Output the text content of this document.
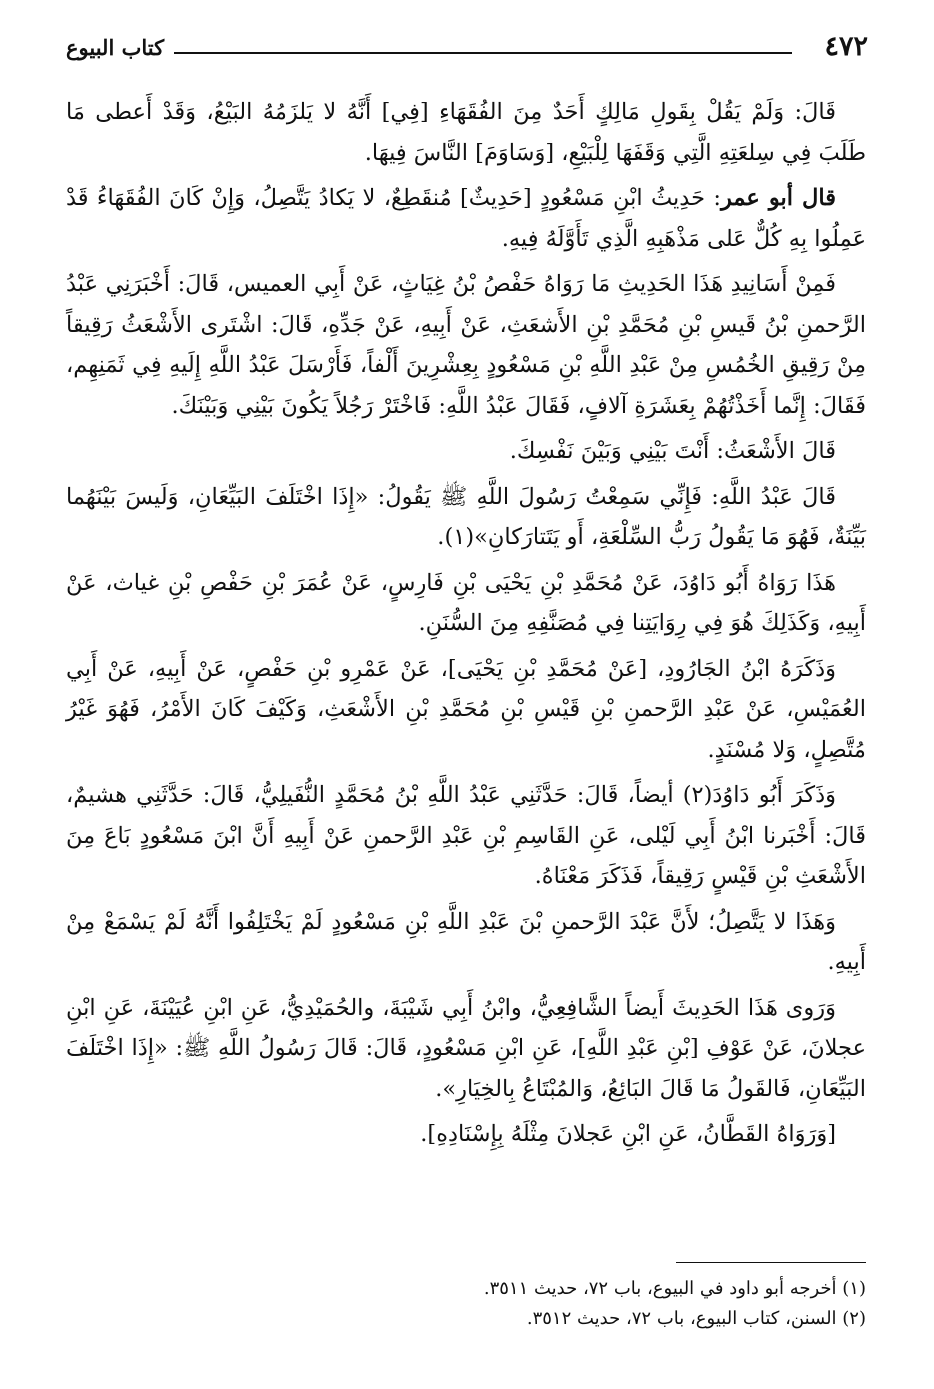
٤٧٢
كتاب البيوع

قَالَ: وَلَمْ يَقُلْ بِقَولِ مَالِكٍ أَحَدٌ مِنَ الفُقَهَاءِ [فِي] أَنَّهُ لا يَلزَمُهُ البَيْعُ، وَقَدْ أَعطى مَا طَلَبَ فِي سِلعَتِهِ الَّتِي وَقَفَهَا لِلْبَيْعِ، [وَسَاوَمَ] النَّاسَ فِيهَا.

قال أبو عمر: حَدِيثُ ابْنِ مَسْعُودٍ [حَدِيثٌ] مُنقَطِعٌ، لا يَكادُ يَتَّصِلُ، وَإِنْ كَانَ الفُقَهَاءُ قَدْ عَمِلُوا بِهِ كُلٌّ عَلى مَذْهَبِهِ الَّذِي تَأَوَّلَهُ فِيهِ.

فَمِنْ أَسَانِيدِ هَذَا الحَدِيثِ مَا رَوَاهُ حَفْصُ بْنُ غِيَاثٍ، عَنْ أَبِي العميس، قَالَ: أَخْبَرَنِي عَبْدُ الرَّحمنِ بْنُ قَيسِ بْنِ مُحَمَّدِ بْنِ الأَشعَثِ، عَنْ أَبِيهِ، عَنْ جَدِّهِ، قَالَ: اشْتَرى الأَشْعَثُ رَقِيقاً مِنْ رَقِيقِ الخُمُسِ مِنْ عَبْدِ اللَّهِ بْنِ مَسْعُودٍ بِعِشْرِينَ أَلْفاً، فَأَرْسَلَ عَبْدُ اللَّهِ إِلَيهِ فِي ثَمَنِهِم، فَقَالَ: إِنَّما أَخَذْتُهُمْ بِعَشَرَةِ آلافٍ، فَقَالَ عَبْدُ اللَّهِ: فَاخْتَرْ رَجُلاً يَكُونَ بَيْنِي وَبَيْنَكَ.

قَالَ الأَشْعَثُ: أَنْتَ بَيْنِي وَبَيْنَ نَفْسِكَ.

قَالَ عَبْدُ اللَّهِ: فَإِنِّي سَمِعْتُ رَسُولَ اللَّهِ ﷺ يَقُولُ: «إِذَا اخْتَلَفَ البَيِّعَانِ، وَلَيسَ بَيْنَهُما بَيِّنَةٌ، فَهُوَ مَا يَقُولُ رَبُّ السِّلْعَةِ، أَو يَتَتارَكانِ»(١).

هَذَا رَوَاهُ أَبُو دَاوُدَ، عَنْ مُحَمَّدِ بْنِ يَحْيَى بْنِ فَارِسٍ، عَنْ عُمَرَ بْنِ حَفْصِ بْنِ غياث، عَنْ أَبِيهِ، وَكَذَلِكَ هُوَ فِي رِوَايَتِنا فِي مُصَنَّفِهِ مِنَ السُّنَنِ.

وَذَكَرَهُ ابْنُ الجَارُودِ، [عَنْ مُحَمَّدِ بْنِ يَحْيَى]، عَنْ عَمْرِو بْنِ حَفْصٍ، عَنْ أَبِيهِ، عَنْ أَبِي العُمَيْسِ، عَنْ عَبْدِ الرَّحمنِ بْنِ قَيْسِ بْنِ مُحَمَّدِ بْنِ الأَشْعَثِ، وَكَيْفَ كَانَ الأَمْرُ، فَهُوَ غَيْرُ مُتَّصِلٍ، وَلا مُسْنَدٍ.

وَذَكَرَ أَبُو دَاوُدَ(٢) أيضاً، قَالَ: حَدَّثَنِي عَبْدُ اللَّهِ بْنُ مُحَمَّدٍ النُّفَيلِيُّ، قَالَ: حَدَّثَنِي هشيمٌ، قَالَ: أَخْبَرنا ابْنُ أَبِي لَيْلى، عَنِ القَاسِمِ بْنِ عَبْدِ الرَّحمنِ عَنْ أَبِيهِ أَنَّ ابْنَ مَسْعُودٍ بَاعَ مِنَ الأَشْعَثِ بْنِ قَيْسٍ رَقِيقاً، فَذَكَرَ مَعْنَاهُ.

وَهَذَا لا يَتَّصِلُ؛ لأَنَّ عَبْدَ الرَّحمنِ بْنَ عَبْدِ اللَّهِ بْنِ مَسْعُودٍ لَمْ يَخْتَلِفُوا أَنَّهُ لَمْ يَسْمَعْ مِنْ أَبِيهِ.

وَرَوى هَذَا الحَدِيثَ أَيضاً الشَّافِعِيُّ، وابْنُ أَبِي شَيْبَةَ، والحُمَيْدِيُّ، عَنِ ابْنِ عُيَيْنَةَ، عَنِ ابْنِ عجلانَ، عَنْ عَوْفِ [بْنِ عَبْدِ اللَّهِ]، عَنِ ابْنِ مَسْعُودٍ، قَالَ: قَالَ رَسُولُ اللَّهِ ﷺ: «إِذَا اخْتَلَفَ البَيِّعَانِ، فَالقَولُ مَا قَالَ البَائِعُ، وَالمُبْتَاعُ بِالخِيَارِ».

[وَرَوَاهُ القَطَّانُ، عَنِ ابْنِ عَجلانَ مِثْلَهُ بِإِسْنَادِهِ].

(١) أخرجه أبو داود في البيوع، باب ٧٢، حديث ٣٥١١.

(٢) السنن، كتاب البيوع، باب ٧٢، حديث ٣٥١٢.
